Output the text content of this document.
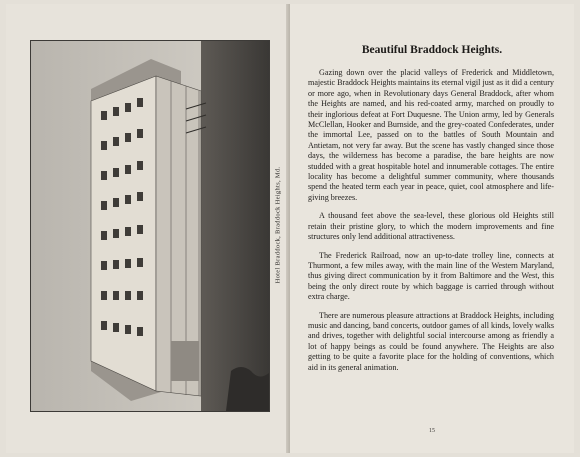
Hotel Braddock, Braddock Heights, Md.
Beautiful Braddock Heights.

Gazing down over the placid valleys of Frederick and Middletown, majestic Braddock Heights maintains its eternal vigil just as it did a century or more ago, when in Revolutionary days General Braddock, after whom the Heights are named, and his red-coated army, marched on proudly to their inglorious defeat at Fort Duquesne. The Union army, led by Generals McClellan, Hooker and Burnside, and the grey-coated Confederates, under the immortal Lee, passed on to the battles of South Mountain and Antietam, not very far away. But the scene has vastly changed since those days, the wilderness has become a paradise, the bare heights are now studded with a great hospitable hotel and innumerable cottages. The entire locality has become a delightful summer community, where thousands spend the heated term each year in peace, quiet, cool atmosphere and life-giving breezes.

A thousand feet above the sea-level, these glorious old Heights still retain their pristine glory, to which the modern improvements and fine structures only lend additional attractiveness.

The Frederick Railroad, now an up-to-date trolley line, connects at Thurmont, a few miles away, with the main line of the Western Maryland, thus giving direct communication by it from Baltimore and the West, this being the only direct route by which baggage is carried through without extra charge.

There are numerous pleasure attractions at Braddock Heights, including music and dancing, band concerts, outdoor games of all kinds, lovely walks and drives, together with delightful social intercourse among as friendly a lot of happy beings as could be found anywhere. The Heights are also getting to be quite a favorite place for the holding of conventions, which aid in its general animation.

15
